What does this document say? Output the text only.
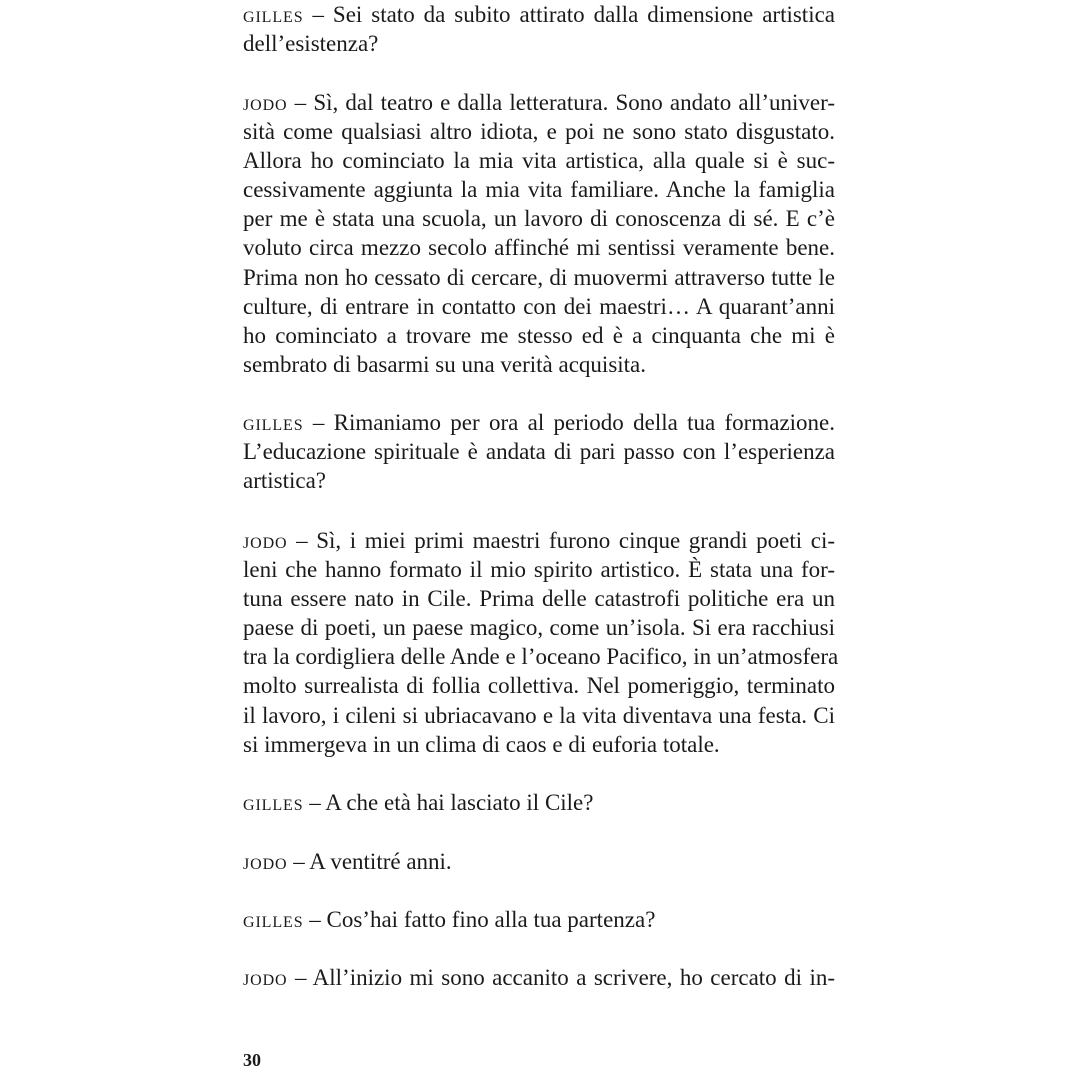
gilles – Sei stato da subito attirato dalla dimensione artistica
dell’esistenza?

jodo – Sì, dal teatro e dalla letteratura. Sono andato all’univer-
sità come qualsiasi altro idiota, e poi ne sono stato disgustato.
Allora ho cominciato la mia vita artistica, alla quale si è suc-
cessivamente aggiunta la mia vita familiare. Anche la famiglia
per me è stata una scuola, un lavoro di conoscenza di sé. E c’è
voluto circa mezzo secolo affinché mi sentissi veramente bene.
Prima non ho cessato di cercare, di muovermi attraverso tutte le
culture, di entrare in contatto con dei maestri… A quarant’anni
ho cominciato a trovare me stesso ed è a cinquanta che mi è
sembrato di basarmi su una verità acquisita.

gilles – Rimaniamo per ora al periodo della tua formazione.
L’educazione spirituale è andata di pari passo con l’esperienza
artistica?

jodo – Sì, i miei primi maestri furono cinque grandi poeti ci-
leni che hanno formato il mio spirito artistico. È stata una for-
tuna essere nato in Cile. Prima delle catastrofi politiche era un
paese di poeti, un paese magico, come un’isola. Si era racchiusi
tra la cordigliera delle Ande e l’oceano Pacifico, in un’atmosfera
molto surrealista di follia collettiva. Nel pomeriggio, terminato
il lavoro, i cileni si ubriacavano e la vita diventava una festa. Ci
si immergeva in un clima di caos e di euforia totale.

gilles – A che età hai lasciato il Cile?

jodo – A ventitré anni.

gilles – Cos’hai fatto fino alla tua partenza?

jodo – All’inizio mi sono accanito a scrivere, ho cercato di in-

30
